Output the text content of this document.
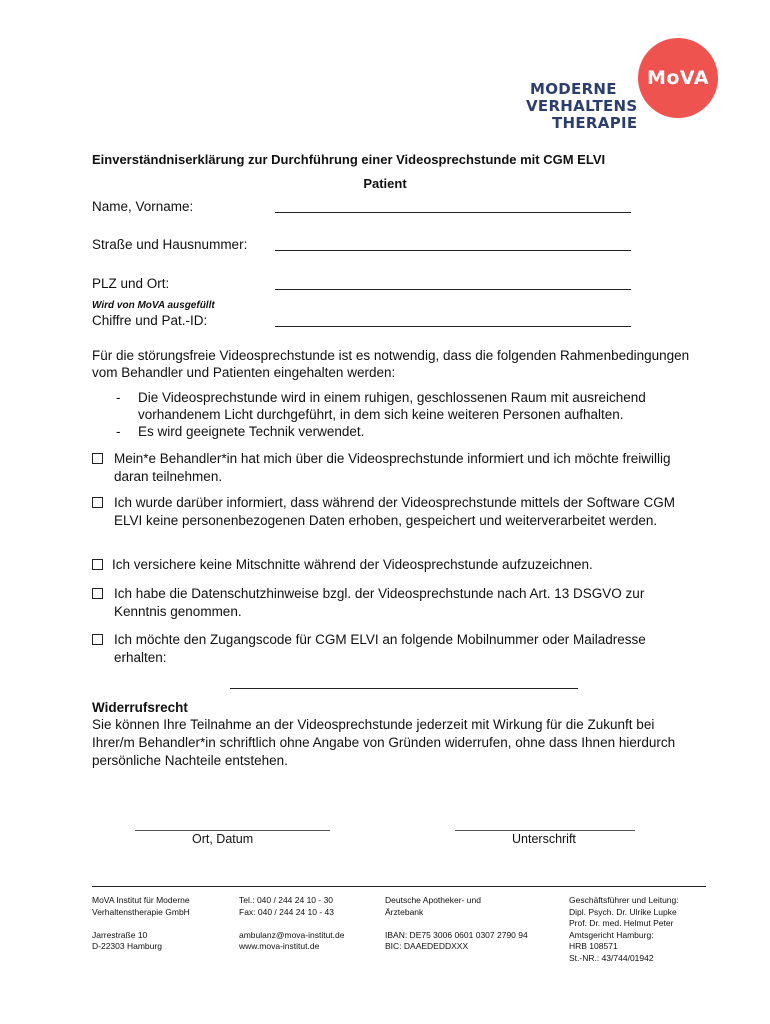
MODERNE
VERHALTENS
THERAPIE
MoVA
Einverständniserklärung zur Durchführung einer Videosprechstunde mit CGM ELVI
Patient
Name, Vorname:
Straße und Hausnummer:
PLZ und Ort:
Wird von MoVA ausgefüllt
Chiffre und Pat.-ID:
Für die störungsfreie Videosprechstunde ist es notwendig, dass die folgenden Rahmenbedingungen vom Behandler und Patienten eingehalten werden:
- Die Videosprechstunde wird in einem ruhigen, geschlossenen Raum mit ausreichend vorhandenem Licht durchgeführt, in dem sich keine weiteren Personen aufhalten.
- Es wird geeignete Technik verwendet.
Mein*e Behandler*in hat mich über die Videosprechstunde informiert und ich möchte freiwillig daran teilnehmen.
Ich wurde darüber informiert, dass während der Videosprechstunde mittels der Software CGM ELVI keine personenbezogenen Daten erhoben, gespeichert und weiterverarbeitet werden.
Ich versichere keine Mitschnitte während der Videosprechstunde aufzuzeichnen.
Ich habe die Datenschutzhinweise bzgl. der Videosprechstunde nach Art. 13 DSGVO zur Kenntnis genommen.
Ich möchte den Zugangscode für CGM ELVI an folgende Mobilnummer oder Mailadresse erhalten:
Widerrufsrecht
Sie können Ihre Teilnahme an der Videosprechstunde jederzeit mit Wirkung für die Zukunft bei Ihrer/m Behandler*in schriftlich ohne Angabe von Gründen widerrufen, ohne dass Ihnen hierdurch persönliche Nachteile entstehen.
Ort, Datum	Unterschrift
MoVA Institut für Moderne
Verhaltenstherapie GmbH
Jarrestraße 10
D-22303 Hamburg
Tel.: 040 / 244 24 10 - 30
Fax: 040 / 244 24 10 - 43
ambulanz@mova-institut.de
www.mova-institut.de
Deutsche Apotheker- und
Ärztebank
IBAN: DE75 3006 0601 0307 2790 94
BIC: DAAEDEDDXXX
Geschäftsführer und Leitung:
Dipl. Psych. Dr. Ulrike Lupke
Prof. Dr. med. Helmut Peter
Amtsgericht Hamburg:
HRB 108571
St.-NR.: 43/744/01942
